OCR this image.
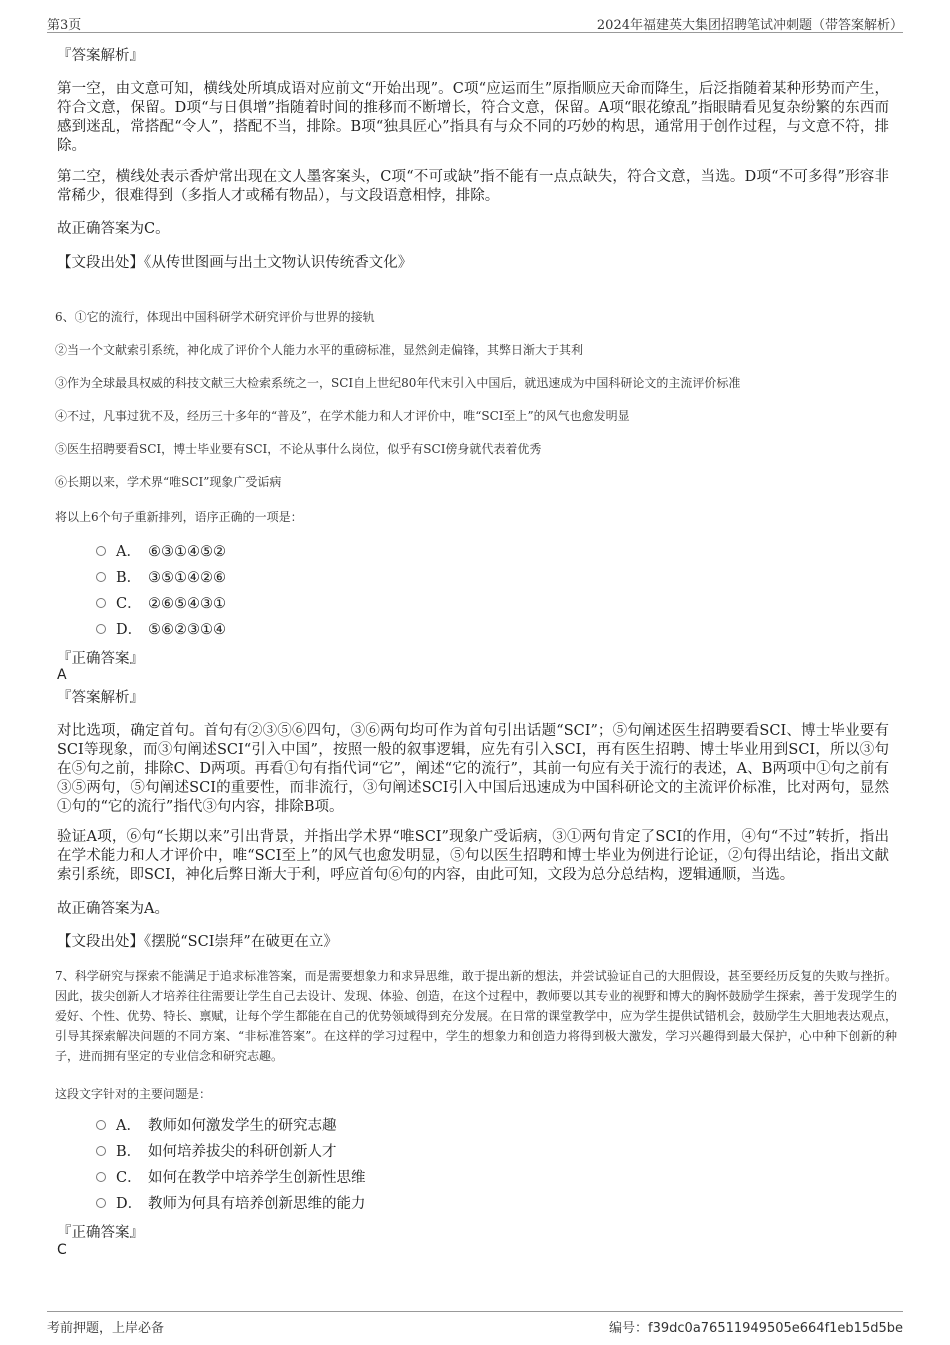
第3页	2024年福建英大集团招聘笔试冲刺题（带答案解析）
『答案解析』

第一空，由文意可知，横线处所填成语对应前文“开始出现”。C项“应运而生”原指顺应天命而降生，后泛指随着某种形势而产生，符合文意，保留。D项“与日俱增”指随着时间的推移而不断增长，符合文意，保留。A项“眼花缭乱”指眼睛看见复杂纷繁的东西而感到迷乱，常搭配“令人”，搭配不当，排除。B项“独具匠心”指具有与众不同的巧妙的构思，通常用于创作过程，与文意不符，排除。

第二空，横线处表示香炉常出现在文人墨客案头，C项“不可或缺”指不能有一点点缺失，符合文意，当选。D项“不可多得”形容非常稀少，很难得到（多指人才或稀有物品），与文段语意相悖，排除。

故正确答案为C。
【文段出处】《从传世图画与出土文物认识传统香文化》
6、①它的流行，体现出中国科研学术研究评价与世界的接轨
②当一个文献索引系统，神化成了评价个人能力水平的重磅标准，显然剑走偏锋，其弊日渐大于其利
③作为全球最具权威的科技文献三大检索系统之一，SCI自上世纪80年代末引入中国后，就迅速成为中国科研论文的主流评价标准
④不过，凡事过犹不及，经历三十多年的“普及”，在学术能力和人才评价中，唯“SCI至上”的风气也愈发明显
⑤医生招聘要看SCI，博士毕业要有SCI，不论从事什么岗位，似乎有SCI傍身就代表着优秀
⑥长期以来，学术界“唯SCI”现象广受诟病
将以上6个句子重新排列，语序正确的一项是：
A． ⑥③①④⑤②
B． ③⑤①④②⑥
C． ②⑥⑤④③①
D． ⑤⑥②③①④
『正确答案』
A
『答案解析』

对比选项，确定首句。首句有②③⑤⑥四句，③⑥两句均可作为首句引出话题“SCI”；⑤句阐述医生招聘要看SCI、博士毕业要有SCI等现象，而③句阐述SCI“引入中国”，按照一般的叙事逻辑，应先有引入SCI，再有医生招聘、博士毕业用到SCI，所以③句在⑤句之前，排除C、D两项。再看①句有指代词“它”，阐述“它的流行”，其前一句应有关于流行的表述，A、B两项中①句之前有③⑤两句，⑤句阐述SCI的重要性，而非流行，③句阐述SCI引入中国后迅速成为中国科研论文的主流评价标准，比对两句，显然①句的“它的流行”指代③句内容，排除B项。

验证A项，⑥句“长期以来”引出背景，并指出学术界“唯SCI”现象广受诟病，③①两句肯定了SCI的作用，④句“不过”转折，指出在学术能力和人才评价中，唯“SCI至上”的风气也愈发明显，⑤句以医生招聘和博士毕业为例进行论证，②句得出结论，指出文献索引系统，即SCI，神化后弊日渐大于利，呼应首句⑥句的内容，由此可知，文段为总分总结构，逻辑通顺，当选。

故正确答案为A。
【文段出处】《摆脱“SCI崇拜”在破更在立》

7、科学研究与探索不能满足于追求标准答案，而是需要想象力和求异思维，敢于提出新的想法，并尝试验证自己的大胆假设，甚至要经历反复的失败与挫折。因此，拔尖创新人才培养往往需要让学生自己去设计、发现、体验、创造，在这个过程中，教师要以其专业的视野和博大的胸怀鼓励学生探索，善于发现学生的爱好、个性、优势、特长、禀赋，让每个学生都能在自己的优势领域得到充分发展。在日常的课堂教学中，应为学生提供试错机会，鼓励学生大胆地表达观点，引导其探索解决问题的不同方案、“非标准答案”。在这样的学习过程中，学生的想象力和创造力将得到极大激发，学习兴趣得到最大保护，心中种下创新的种子，进而拥有坚定的专业信念和研究志趣。

这段文字针对的主要问题是：
A． 教师如何激发学生的研究志趣
B． 如何培养拔尖的科研创新人才
C． 如何在教学中培养学生创新性思维
D． 教师为何具有培养创新思维的能力
『正确答案』
C
考前押题，上岸必备	编号：f39dc0a76511949505e664f1eb15d5be
